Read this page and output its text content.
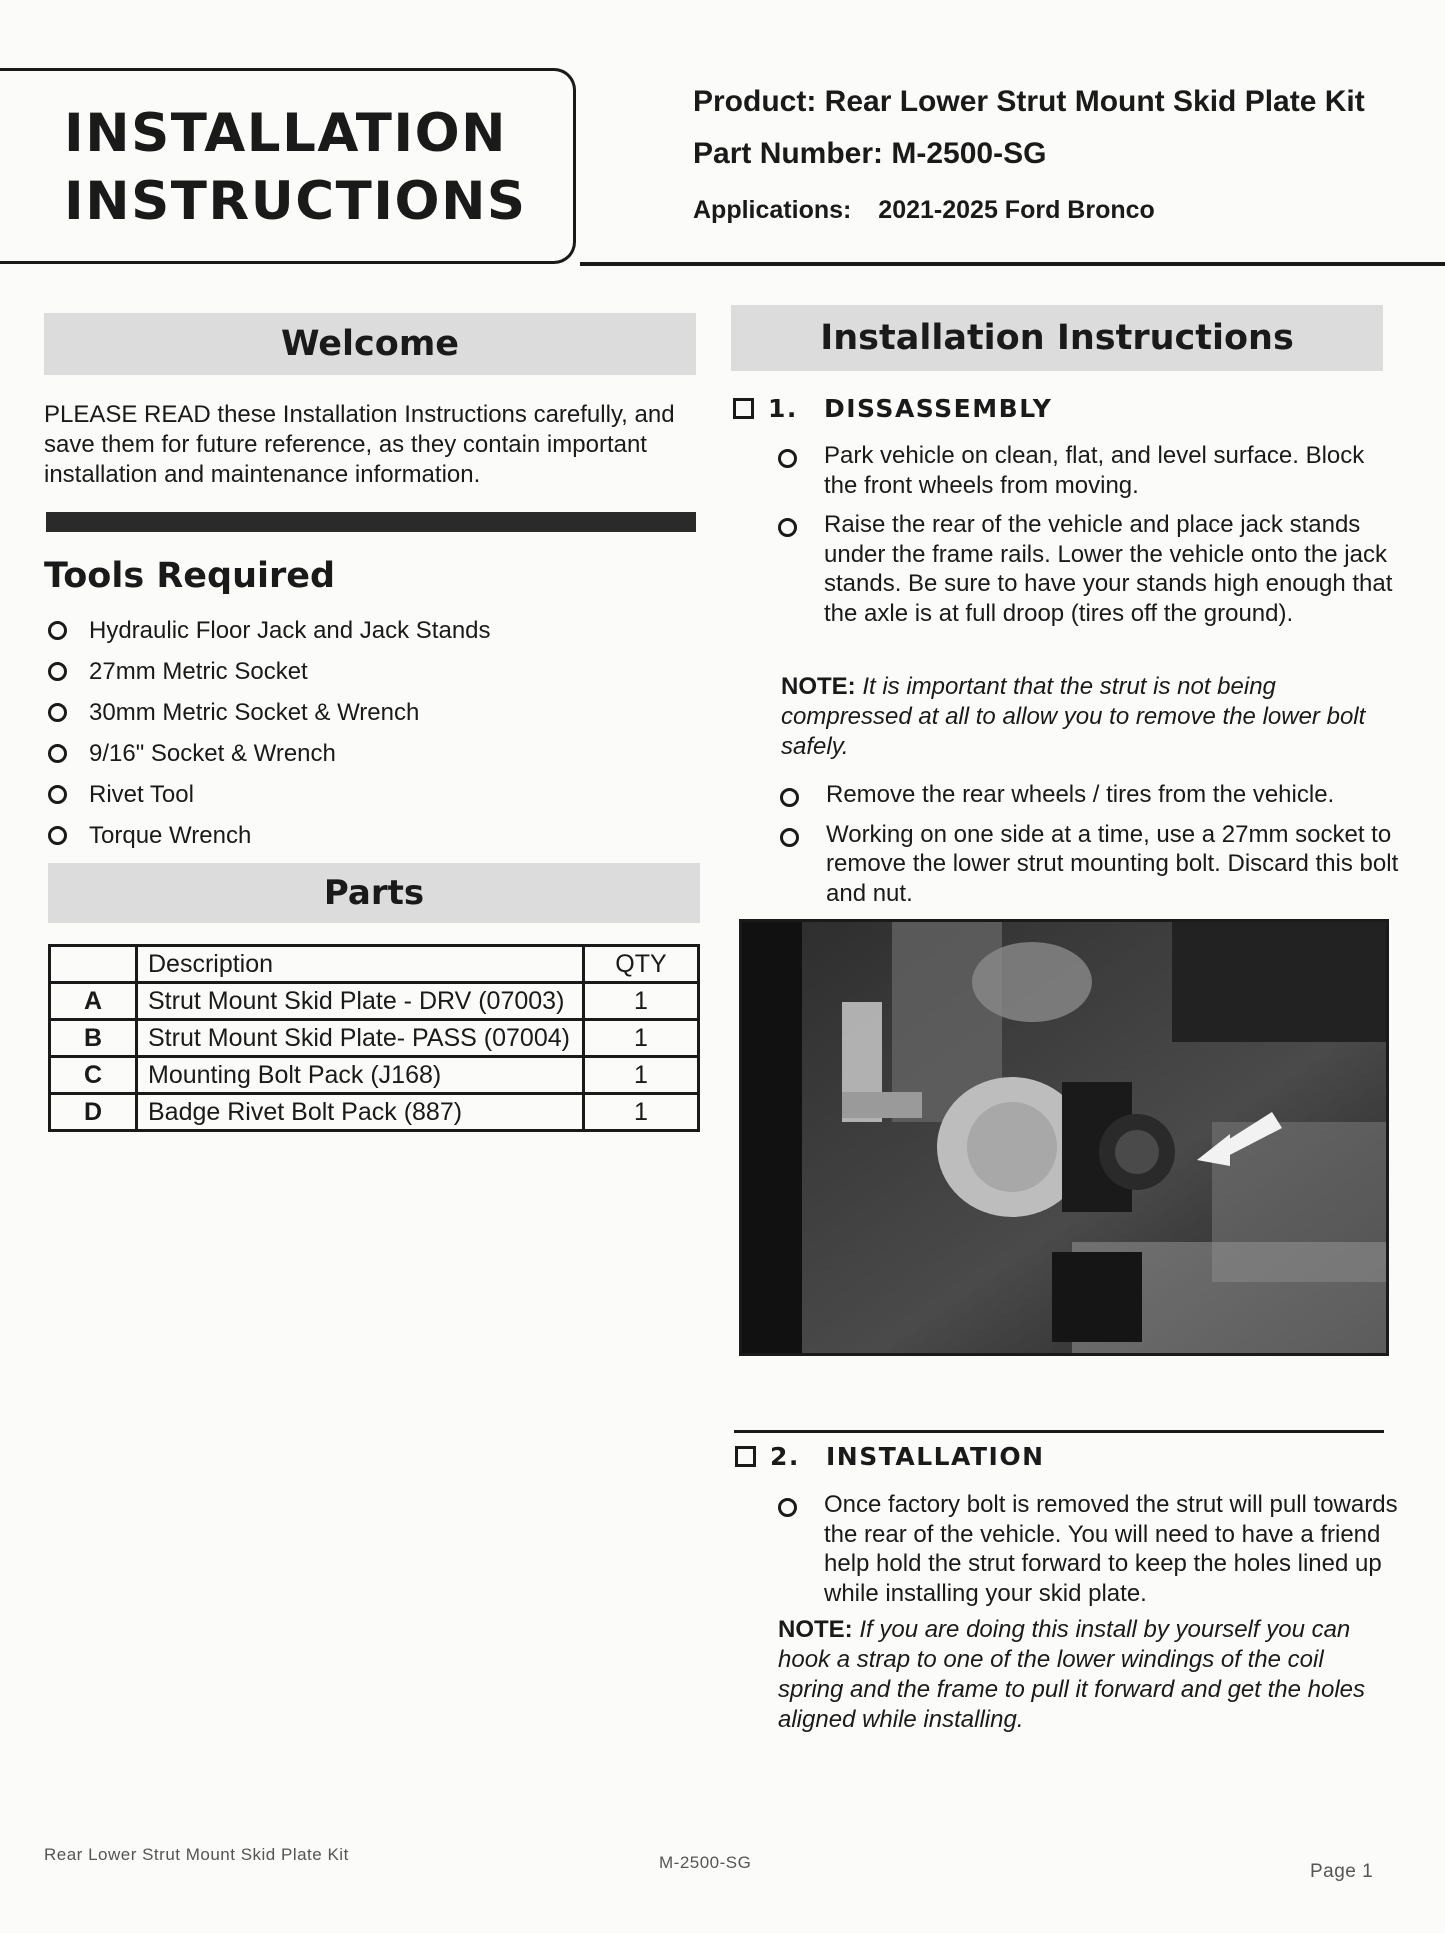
INSTALLATION
INSTRUCTIONS
Product: Rear Lower Strut Mount Skid Plate Kit
Part Number: M-2500-SG
Applications: 2021-2025 Ford Bronco
Welcome
PLEASE READ these Installation Instructions carefully, and save them for future reference, as they contain important installation and maintenance information.
Tools Required
Hydraulic Floor Jack and Jack Stands
27mm Metric Socket
30mm Metric Socket & Wrench
9/16" Socket & Wrench
Rivet Tool
Torque Wrench
Parts
	Description	QTY
A	Strut Mount Skid Plate - DRV (07003)	1
B	Strut Mount Skid Plate- PASS (07004)	1
C	Mounting Bolt Pack (J168)	1
D	Badge Rivet Bolt Pack (887)	1
Installation Instructions
1.	DISSASSEMBLY
Park vehicle on clean, flat, and level surface. Block the front wheels from moving.
Raise the rear of the vehicle and place jack stands under the frame rails. Lower the vehicle onto the jack stands. Be sure to have your stands high enough that the axle is at full droop (tires off the ground).
NOTE: It is important that the strut is not being compressed at all to allow you to remove the lower bolt safely.
Remove the rear wheels / tires from the vehicle.
Working on one side at a time, use a 27mm socket to remove the lower strut mounting bolt. Discard this bolt and nut.
2.	INSTALLATION
Once factory bolt is removed the strut will pull towards the rear of the vehicle. You will need to have a friend help hold the strut forward to keep the holes lined up while installing your skid plate.
NOTE: If you are doing this install by yourself you can hook a strap to one of the lower windings of the coil spring and the frame to pull it forward and get the holes aligned while installing.
Rear Lower Strut Mount Skid Plate Kit	M-2500-SG	Page 1
